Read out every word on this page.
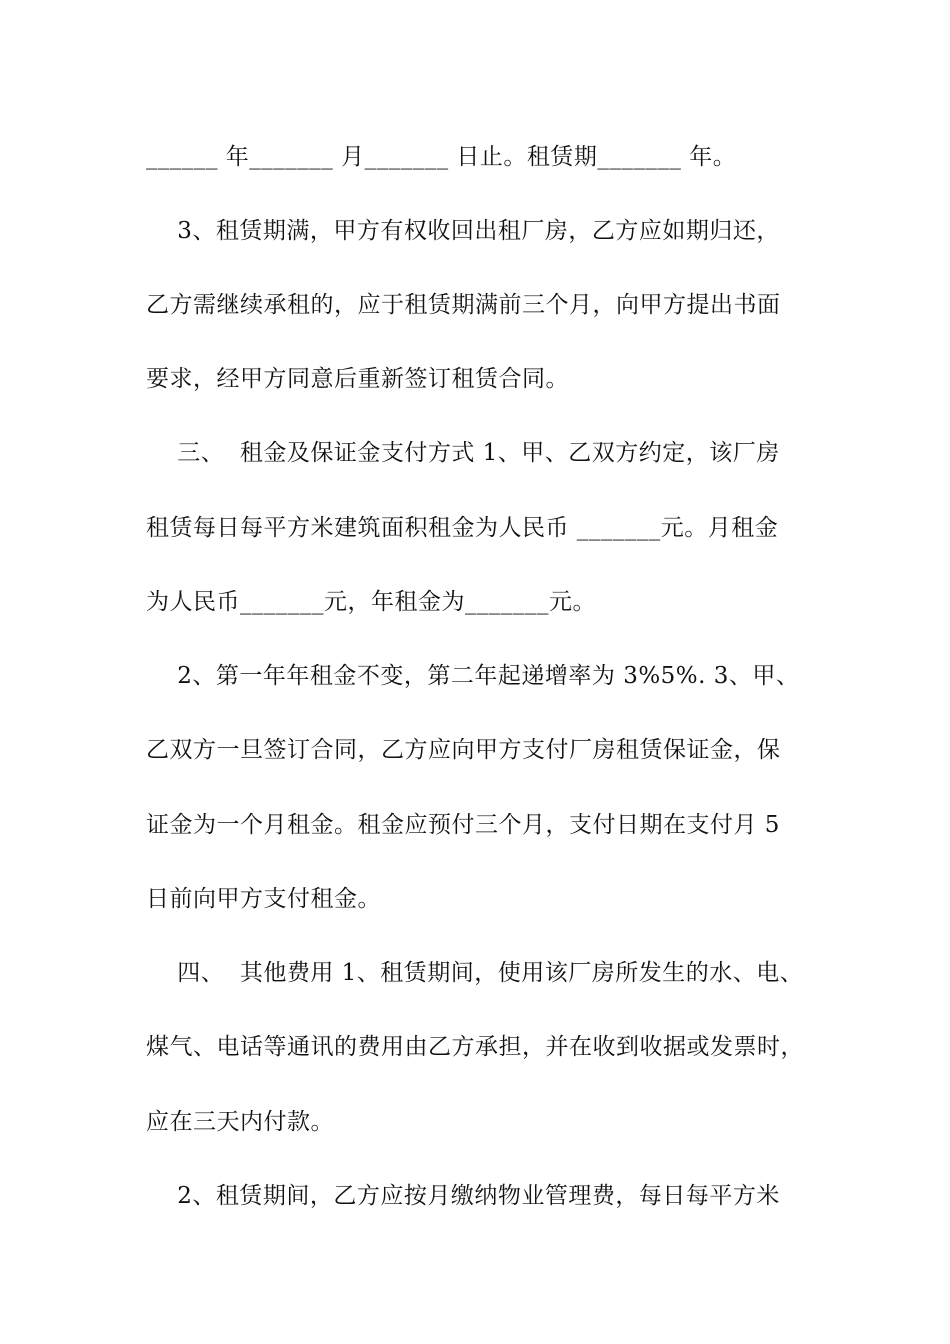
______ 年_______ 月_______ 日止。租赁期_______ 年。
3、租赁期满，甲方有权收回出租厂房，乙方应如期归还，
乙方需继续承租的，应于租赁期满前三个月，向甲方提出书面
要求，经甲方同意后重新签订租赁合同。
三、  租金及保证金支付方式 1、甲、乙双方约定，该厂房
租赁每日每平方米建筑面积租金为人民币 _______元。月租金
为人民币_______元，年租金为_______元。
2、第一年年租金不变，第二年起递增率为 3%5%. 3、甲、
乙双方一旦签订合同，乙方应向甲方支付厂房租赁保证金，保
证金为一个月租金。租金应预付三个月，支付日期在支付月 5
日前向甲方支付租金。
四、  其他费用 1、租赁期间，使用该厂房所发生的水、电、
煤气、电话等通讯的费用由乙方承担，并在收到收据或发票时，
应在三天内付款。
2、租赁期间，乙方应按月缴纳物业管理费，每日每平方米
